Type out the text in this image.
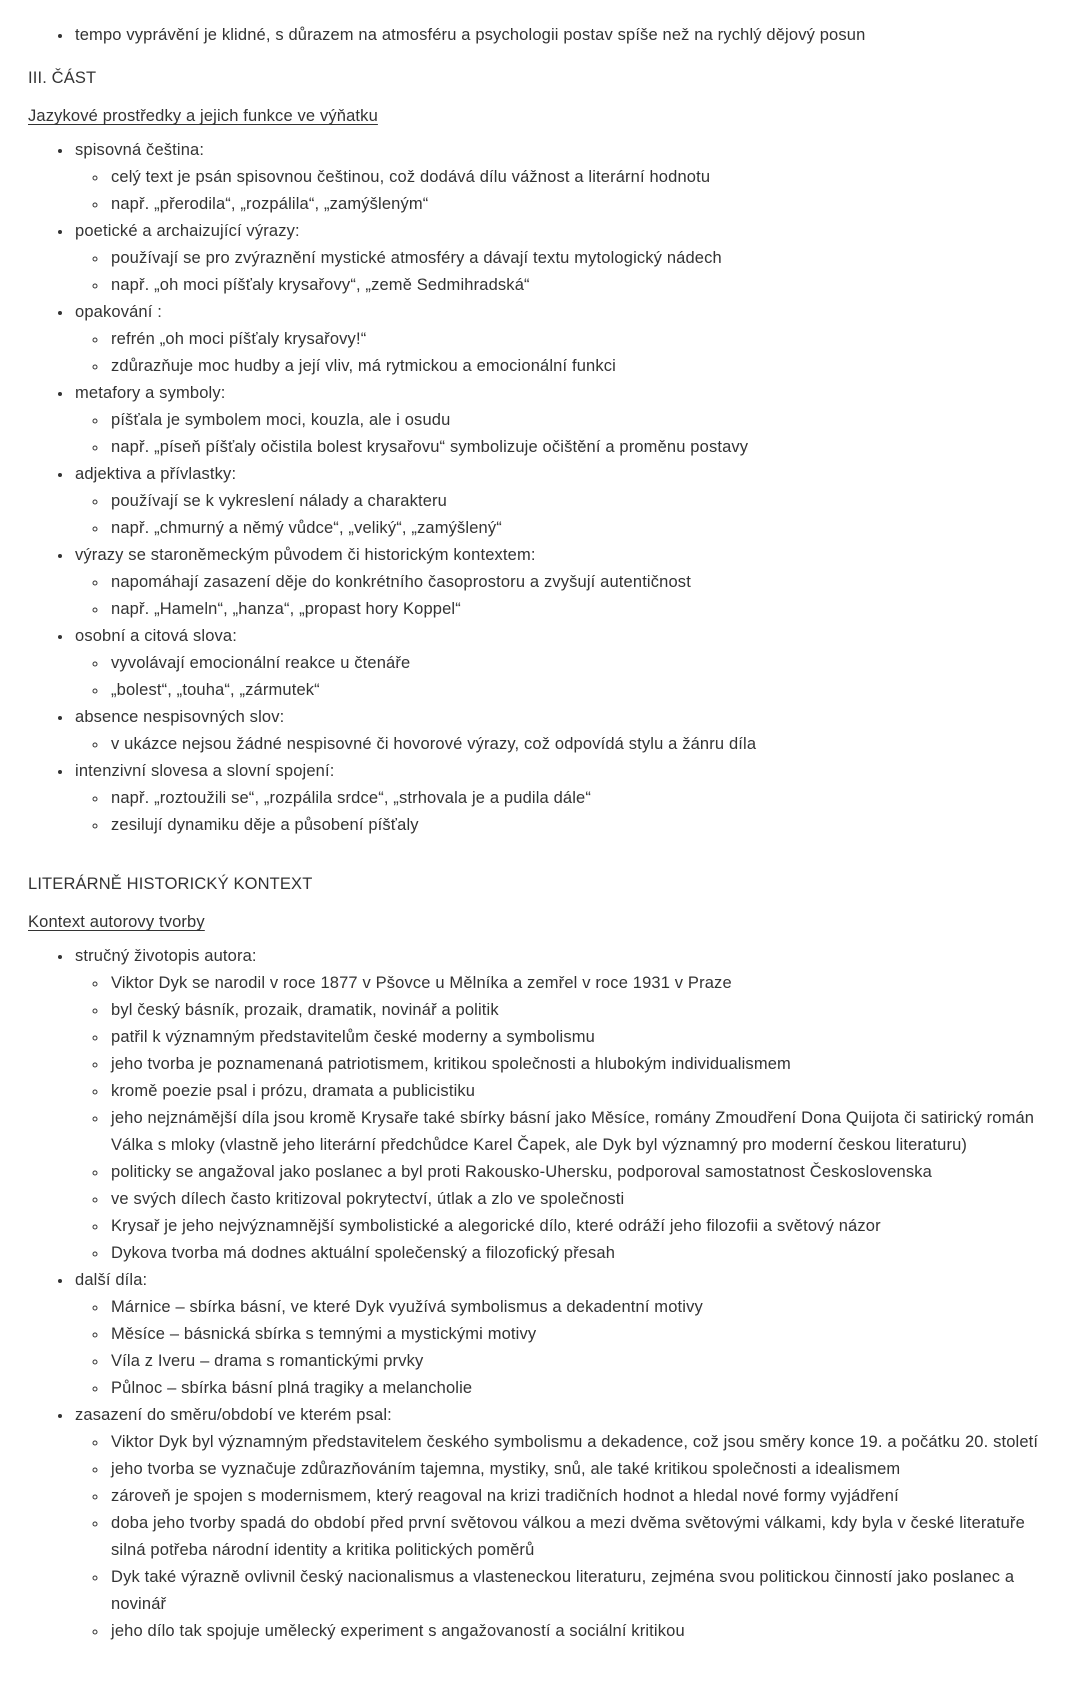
• tempo vyprávění je klidné, s důrazem na atmosféru a psychologii postav spíše než na rychlý dějový posun

III. ČÁST

Jazykové prostředky a jejich funkce ve výňatku

• spisovná čeština:
◦ celý text je psán spisovnou češtinou, což dodává dílu vážnost a literární hodnotu
◦ např. „přerodila“, „rozpálila“, „zamýšleným“
• poetické a archaizující výrazy:
◦ používají se pro zvýraznění mystické atmosféry a dávají textu mytologický nádech
◦ např. „oh moci píšťaly krysařovy“, „země Sedmihradská“
• opakování :
◦ refrén „oh moci píšťaly krysařovy!“
◦ zdůrazňuje moc hudby a její vliv, má rytmickou a emocionální funkci
• metafory a symboly:
◦ píšťala je symbolem moci, kouzla, ale i osudu
◦ např. „píseň píšťaly očistila bolest krysařovu“ symbolizuje očištění a proměnu postavy
• adjektiva a přívlastky:
◦ používají se k vykreslení nálady a charakteru
◦ např. „chmurný a němý vůdce“, „veliký“, „zamýšlený“
• výrazy se staroněmeckým původem či historickým kontextem:
◦ napomáhají zasazení děje do konkrétního časoprostoru a zvyšují autentičnost
◦ např. „Hameln“, „hanza“, „propast hory Koppel“
• osobní a citová slova:
◦ vyvolávají emocionální reakce u čtenáře
◦ „bolest“, „touha“, „zármutek“
• absence nespisovných slov:
◦ v ukázce nejsou žádné nespisovné či hovorové výrazy, což odpovídá stylu a žánru díla
• intenzivní slovesa a slovní spojení:
◦ např. „roztoužili se“, „rozpálila srdce“, „strhovala je a pudila dále“
◦ zesilují dynamiku děje a působení píšťaly

LITERÁRNĚ HISTORICKÝ KONTEXT

Kontext autorovy tvorby

• stručný životopis autora:
◦ Viktor Dyk se narodil v roce 1877 v Pšovce u Mělníka a zemřel v roce 1931 v Praze
◦ byl český básník, prozaik, dramatik, novinář a politik
◦ patřil k významným představitelům české moderny a symbolismu
◦ jeho tvorba je poznamenaná patriotismem, kritikou společnosti a hlubokým individualismem
◦ kromě poezie psal i prózu, dramata a publicistiku
◦ jeho nejznámější díla jsou kromě Krysaře také sbírky básní jako Měsíce, romány Zmoudření Dona Quijota či satirický román Válka s mloky (vlastně jeho literární předchůdce Karel Čapek, ale Dyk byl významný pro moderní českou literaturu)
◦ politicky se angažoval jako poslanec a byl proti Rakousko-Uhersku, podporoval samostatnost Československa
◦ ve svých dílech často kritizoval pokrytectví, útlak a zlo ve společnosti
◦ Krysař je jeho nejvýznamnější symbolistické a alegorické dílo, které odráží jeho filozofii a světový názor
◦ Dykova tvorba má dodnes aktuální společenský a filozofický přesah
• další díla:
◦ Márnice – sbírka básní, ve které Dyk využívá symbolismus a dekadentní motivy
◦ Měsíce – básnická sbírka s temnými a mystickými motivy
◦ Víla z Iveru – drama s romantickými prvky
◦ Půlnoc – sbírka básní plná tragiky a melancholie
• zasazení do směru/období ve kterém psal:
◦ Viktor Dyk byl významným představitelem českého symbolismu a dekadence, což jsou směry konce 19. a počátku 20. století
◦ jeho tvorba se vyznačuje zdůrazňováním tajemna, mystiky, snů, ale také kritikou společnosti a idealismem
◦ zároveň je spojen s modernismem, který reagoval na krizi tradičních hodnot a hledal nové formy vyjádření
◦ doba jeho tvorby spadá do období před první světovou válkou a mezi dvěma světovými válkami, kdy byla v české literatuře silná potřeba národní identity a kritika politických poměrů
◦ Dyk také výrazně ovlivnil český nacionalismus a vlasteneckou literaturu, zejména svou politickou činností jako poslanec a novinář
◦ jeho dílo tak spojuje umělecký experiment s angažovaností a sociální kritikou
